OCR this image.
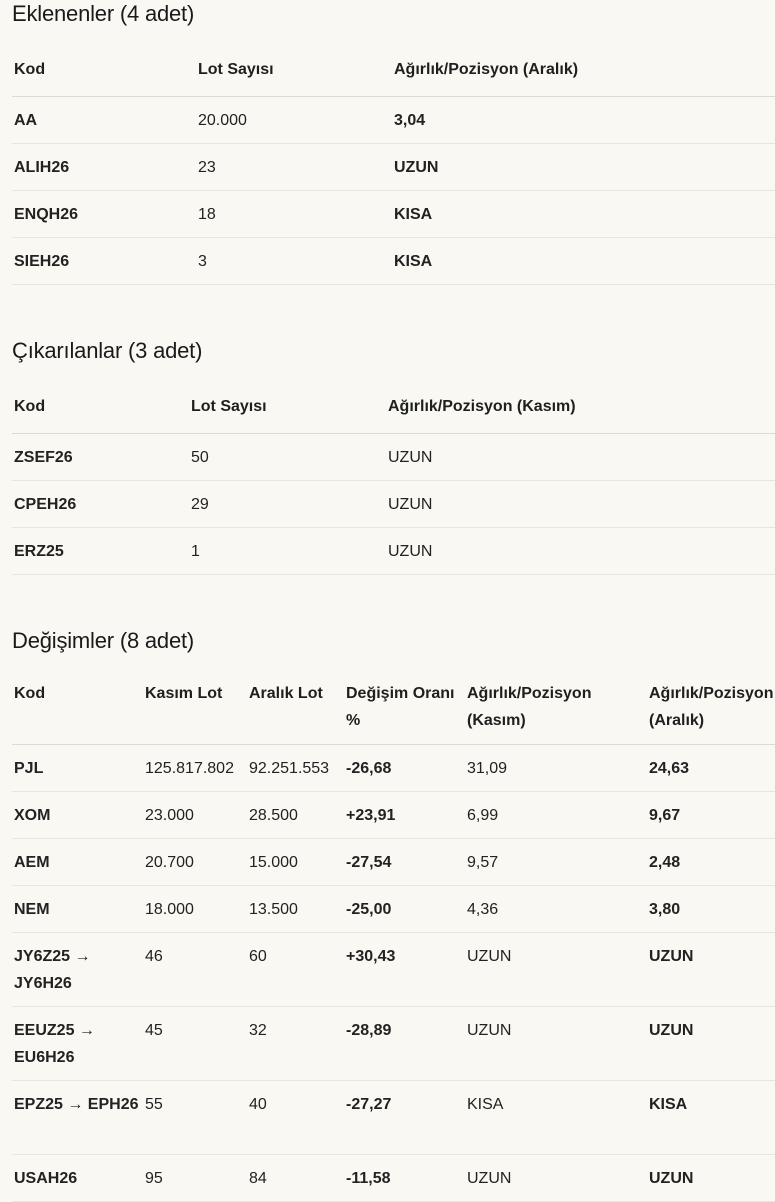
Eklenenler (4 adet)
Kod	Lot Sayısı	Ağırlık/Pozisyon (Aralık)
AA	20.000	3,04
ALIH26	23	UZUN
ENQH26	18	KISA
SIEH26	3	KISA
Çıkarılanlar (3 adet)
Kod	Lot Sayısı	Ağırlık/Pozisyon (Kasım)
ZSEF26	50	UZUN
CPEH26	29	UZUN
ERZ25	1	UZUN
Değişimler (8 adet)
Kod	Kasım Lot	Aralık Lot	Değişim Oranı %	Ağırlık/Pozisyon (Kasım)	Ağırlık/Pozisyon (Aralık)
PJL	125.817.802	92.251.553	-26,68	31,09	24,63
XOM	23.000	28.500	+23,91	6,99	9,67
AEM	20.700	15.000	-27,54	9,57	2,48
NEM	18.000	13.500	-25,00	4,36	3,80
JY6Z25 → JY6H26	46	60	+30,43	UZUN	UZUN
EEUZ25 → EU6H26	45	32	-28,89	UZUN	UZUN
EPZ25 → EPH26	55	40	-27,27	KISA	KISA
USAH26	95	84	-11,58	UZUN	UZUN
